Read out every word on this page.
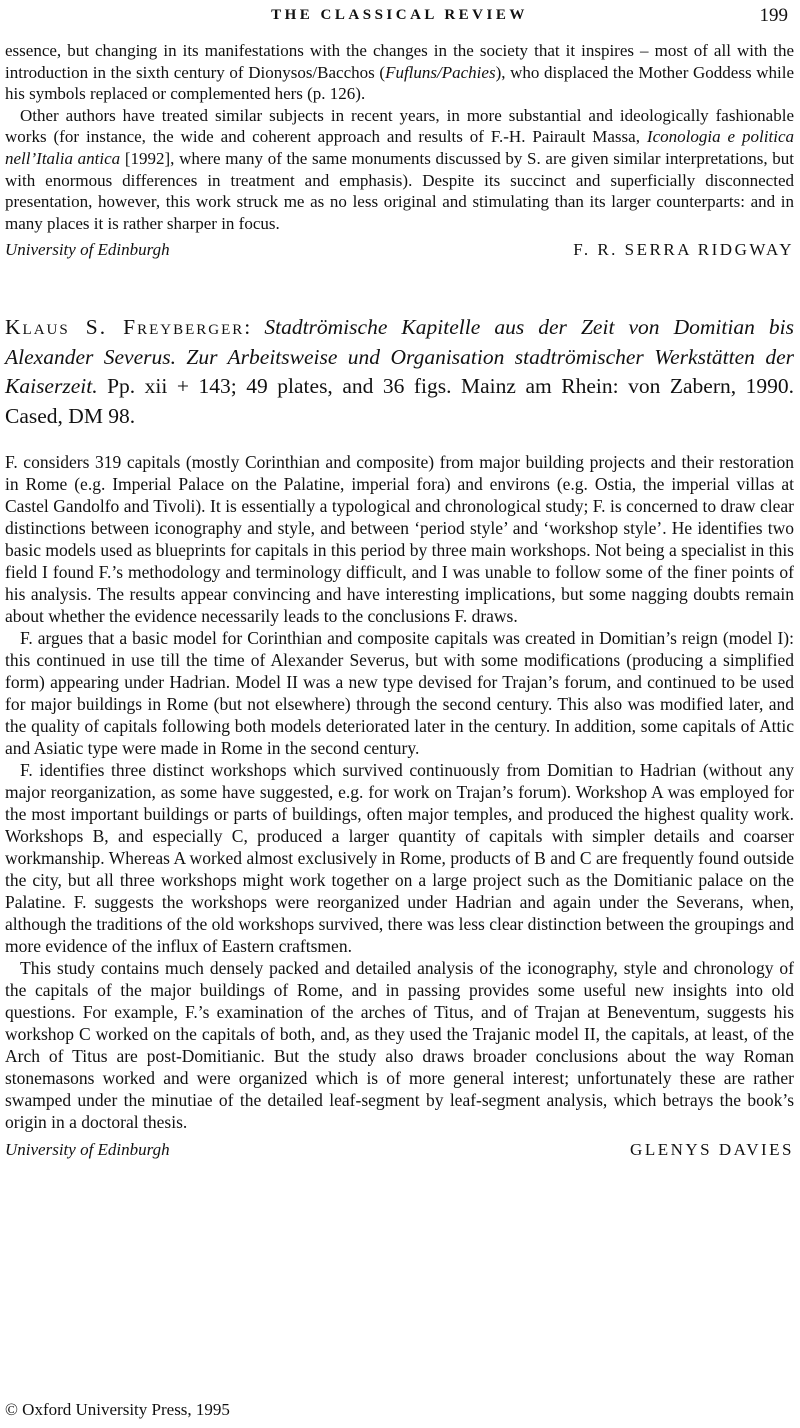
THE CLASSICAL REVIEW	199

essence, but changing in its manifestations with the changes in the society that it inspires – most of all with the introduction in the sixth century of Dionysos/Bacchos (Fufluns/Pachies), who displaced the Mother Goddess while his symbols replaced or complemented hers (p. 126).

Other authors have treated similar subjects in recent years, in more substantial and ideologically fashionable works (for instance, the wide and coherent approach and results of F.-H. Pairault Massa, Iconologia e politica nell’Italia antica [1992], where many of the same monuments discussed by S. are given similar interpretations, but with enormous differences in treatment and emphasis). Despite its succinct and superficially disconnected presentation, however, this work struck me as no less original and stimulating than its larger counterparts: and in many places it is rather sharper in focus.

University of Edinburgh	F. R. SERRA RIDGWAY
Klaus S. Freyberger: Stadtrömische Kapitelle aus der Zeit von Domitian bis Alexander Severus. Zur Arbeitsweise und Organisation stadtrömischer Werkstätten der Kaiserzeit. Pp. xii + 143; 49 plates, and 36 figs. Mainz am Rhein: von Zabern, 1990. Cased, DM 98.

F. considers 319 capitals (mostly Corinthian and composite) from major building projects and their restoration in Rome (e.g. Imperial Palace on the Palatine, imperial fora) and environs (e.g. Ostia, the imperial villas at Castel Gandolfo and Tivoli). It is essentially a typological and chronological study; F. is concerned to draw clear distinctions between iconography and style, and between ‘period style’ and ‘workshop style’. He identifies two basic models used as blueprints for capitals in this period by three main workshops. Not being a specialist in this field I found F.’s methodology and terminology difficult, and I was unable to follow some of the finer points of his analysis. The results appear convincing and have interesting implications, but some nagging doubts remain about whether the evidence necessarily leads to the conclusions F. draws.

F. argues that a basic model for Corinthian and composite capitals was created in Domitian’s reign (model I): this continued in use till the time of Alexander Severus, but with some modifications (producing a simplified form) appearing under Hadrian. Model II was a new type devised for Trajan’s forum, and continued to be used for major buildings in Rome (but not elsewhere) through the second century. This also was modified later, and the quality of capitals following both models deteriorated later in the century. In addition, some capitals of Attic and Asiatic type were made in Rome in the second century.

F. identifies three distinct workshops which survived continuously from Domitian to Hadrian (without any major reorganization, as some have suggested, e.g. for work on Trajan’s forum). Workshop A was employed for the most important buildings or parts of buildings, often major temples, and produced the highest quality work. Workshops B, and especially C, produced a larger quantity of capitals with simpler details and coarser workmanship. Whereas A worked almost exclusively in Rome, products of B and C are frequently found outside the city, but all three workshops might work together on a large project such as the Domitianic palace on the Palatine. F. suggests the workshops were reorganized under Hadrian and again under the Severans, when, although the traditions of the old workshops survived, there was less clear distinction between the groupings and more evidence of the influx of Eastern craftsmen.

This study contains much densely packed and detailed analysis of the iconography, style and chronology of the capitals of the major buildings of Rome, and in passing provides some useful new insights into old questions. For example, F.’s examination of the arches of Titus, and of Trajan at Beneventum, suggests his workshop C worked on the capitals of both, and, as they used the Trajanic model II, the capitals, at least, of the Arch of Titus are post-Domitianic. But the study also draws broader conclusions about the way Roman stonemasons worked and were organized which is of more general interest; unfortunately these are rather swamped under the minutiae of the detailed leaf-segment by leaf-segment analysis, which betrays the book’s origin in a doctoral thesis.

University of Edinburgh	GLENYS DAVIES
© Oxford University Press, 1995
